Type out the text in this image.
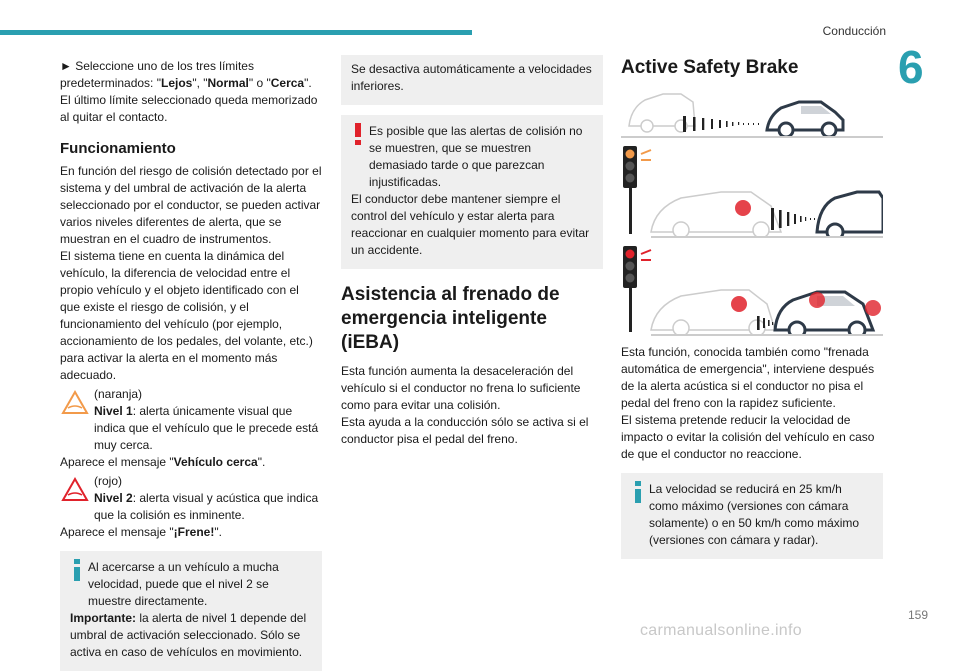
Conducción
6

► Seleccione uno de los tres límites predeterminados: "Lejos", "Normal" o "Cerca".

El último límite seleccionado queda memorizado al quitar el contacto.

Funcionamiento

En función del riesgo de colisión detectado por el sistema y del umbral de activación de la alerta seleccionado por el conductor, se pueden activar varios niveles diferentes de alerta, que se muestran en el cuadro de instrumentos.

El sistema tiene en cuenta la dinámica del vehículo, la diferencia de velocidad entre el propio vehículo y el objeto identificado con el que existe el riesgo de colisión, y el funcionamiento del vehículo (por ejemplo, accionamiento de los pedales, del volante, etc.) para activar la alerta en el momento más adecuado.

(naranja)

Nivel 1: alerta únicamente visual que indica que el vehículo que le precede está muy cerca.

Aparece el mensaje "Vehículo cerca".

(rojo)

Nivel 2: alerta visual y acústica que indica que la colisión es inminente.

Aparece el mensaje "¡Frene!".

Al acercarse a un vehículo a mucha velocidad, puede que el nivel 2 se muestre directamente.

Importante: la alerta de nivel 1 depende del umbral de activación seleccionado. Sólo se activa en caso de vehículos en movimiento.

Se desactiva automáticamente a velocidades inferiores.

Es posible que las alertas de colisión no se muestren, que se muestren demasiado tarde o que parezcan injustificadas.

El conductor debe mantener siempre el control del vehículo y estar alerta para reaccionar en cualquier momento para evitar un accidente.

Asistencia al frenado de emergencia inteligente (iEBA)

Esta función aumenta la desaceleración del vehículo si el conductor no frena lo suficiente como para evitar una colisión.

Esta ayuda a la conducción sólo se activa si el conductor pisa el pedal del freno.

Active Safety Brake

Esta función, conocida también como "frenada automática de emergencia", interviene después de la alerta acústica si el conductor no pisa el pedal del freno con la rapidez suficiente.

El sistema pretende reducir la velocidad de impacto o evitar la colisión del vehículo en caso de que el conductor no reaccione.

La velocidad se reducirá en 25 km/h como máximo (versiones con cámara solamente) o en 50 km/h como máximo (versiones con cámara y radar).

159
carmanualsonline.info
